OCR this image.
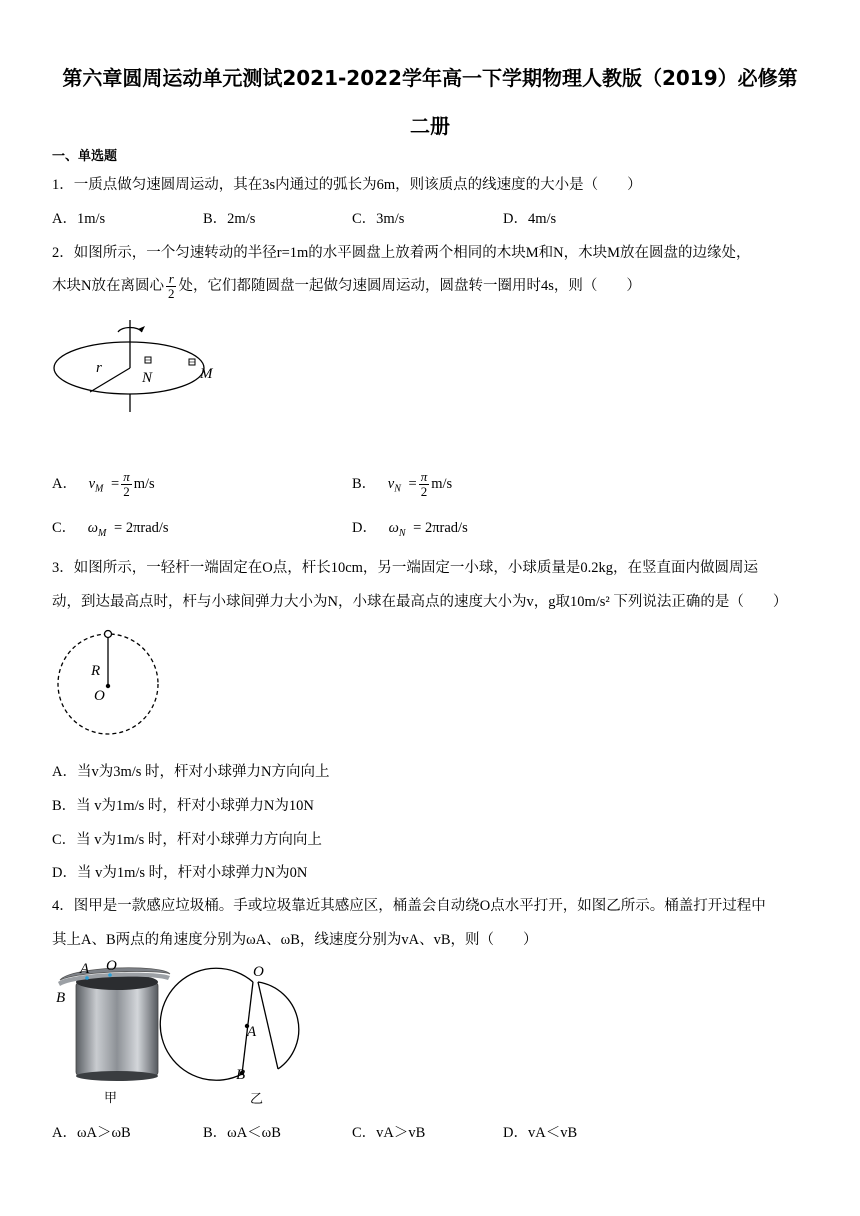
第六章圆周运动单元测试2021-2022学年高一下学期物理人教版（2019）必修第
二册
一、单选题
1．一质点做匀速圆周运动，其在3s内通过的弧长为6m，则该质点的线速度的大小是（　　）
A．1m/s	B．2m/s	C．3m/s	D．4m/s
2．如图所示，一个匀速转动的半径r=1m的水平圆盘上放着两个相同的木块M和N，木块M放在圆盘的边缘处，
木块N放在离圆心 $\frac{r}{2}$ 处，它们都随圆盘一起做匀速圆周运动，圆盘转一圈用时4s，则（　　）
r
N	M
A． $v_M = \frac{\pi}{2} m/s$	B． $v_N = \frac{\pi}{2} m/s$
C． $\omega_M = 2\pi rad/s$	D． $\omega_N = 2\pi rad/s$
3．如图所示，一轻杆一端固定在O点，杆长10cm，另一端固定一小球，小球质量是0.2kg，在竖直面内做圆周运
动，到达最高点时，杆与小球间弹力大小为N，小球在最高点的速度大小为v，g取10m/s² 下列说法正确的是（　　）
R
O
A．当v为3m/s 时，杆对小球弹力N方向向上
B．当 v为1m/s 时，杆对小球弹力N为10N
C．当 v为1m/s 时，杆对小球弹力方向向上
D．当 v为1m/s 时，杆对小球弹力N为0N
4．图甲是一款感应垃圾桶。手或垃圾靠近其感应区，桶盖会自动绕O点水平打开，如图乙所示。桶盖打开过程中
其上A、B两点的角速度分别为ωA、ωB，线速度分别为vA、vB，则（　　）
A O
B
甲
O
A
B
乙
A．ωA＞ωB	B．ωA＜ωB	C．vA＞vB	D．vA＜vB
